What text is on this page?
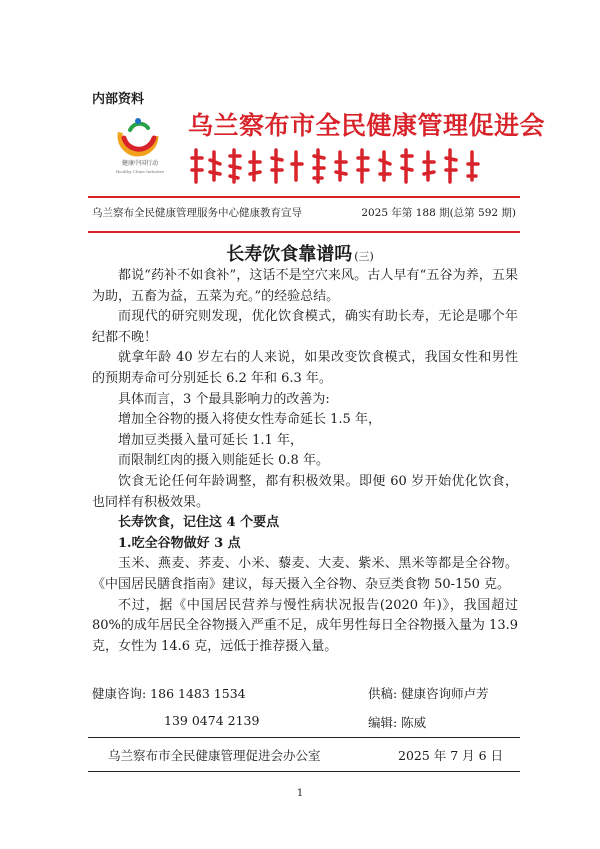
内部资料
健康中国行动
Healthy China Initiative
乌兰察布市全民健康管理促进会
乌兰察布全民健康管理服务中心健康教育宣导	2025 年第 188 期(总第 592 期)
长寿饮食靠谱吗 (三)

都说“药补不如食补”，这话不是空穴来风。古人早有“五谷为养，五果为助，五畜为益，五菜为充。”的经验总结。

而现代的研究则发现，优化饮食模式，确实有助长寿，无论是哪个年纪都不晚！

就拿年龄 40 岁左右的人来说，如果改变饮食模式，我国女性和男性的预期寿命可分别延长 6.2 年和 6.3 年。

具体而言，3 个最具影响力的改善为:

增加全谷物的摄入将使女性寿命延长 1.5 年，

增加豆类摄入量可延长 1.1 年，

而限制红肉的摄入则能延长 0.8 年。

饮食无论任何年龄调整，都有积极效果。即便 60 岁开始优化饮食，也同样有积极效果。

长寿饮食，记住这 4 个要点

1.吃全谷物做好 3 点

玉米、燕麦、荞麦、小米、藜麦、大麦、紫米、黑米等都是全谷物。《中国居民膳食指南》建议，每天摄入全谷物、杂豆类食物 50-150 克。

不过，据《中国居民营养与慢性病状况报告(2020 年)》，我国超过 80%的成年居民全谷物摄入严重不足，成年男性每日全谷物摄入量为 13.9 克，女性为 14.6 克，远低于推荐摄入量。

健康咨询: 186 1483 1534
139 0474 2139
供稿: 健康咨询师卢芳
编辑: 陈威
乌兰察布市全民健康管理促进会办公室	2025 年 7 月 6 日
1
